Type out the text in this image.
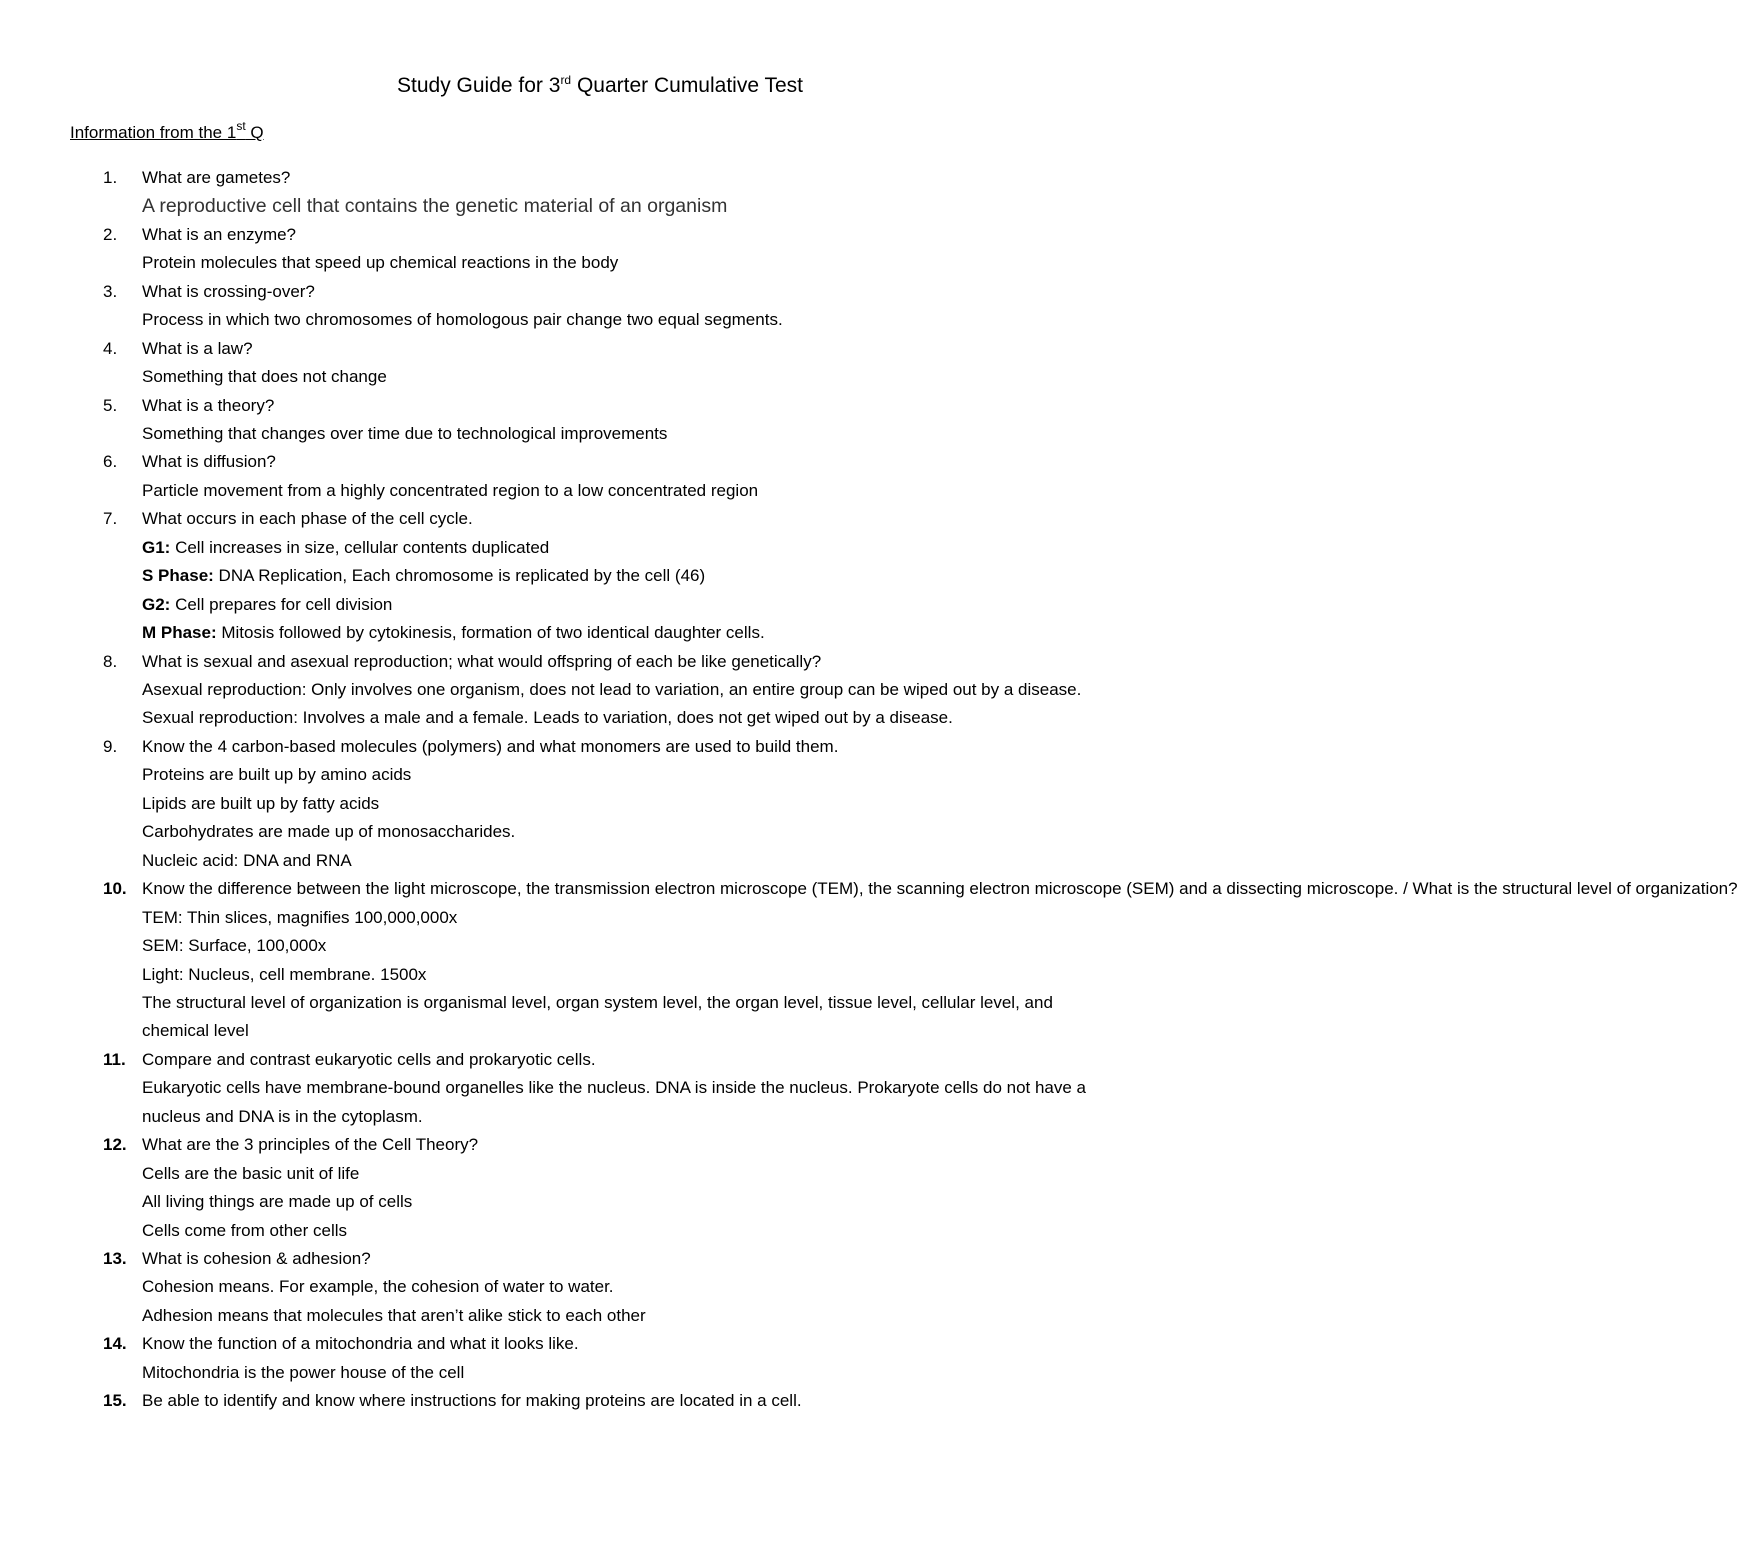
Study Guide for 3rd Quarter Cumulative Test
Information from the 1st Q
1.	What are gametes?
A reproductive cell that contains the genetic material of an organism
2.	What is an enzyme?
Protein molecules that speed up chemical reactions in the body
3.	What is crossing-over?
Process in which two chromosomes of homologous pair change two equal segments.
4.	What is a law?
Something that does not change
5.	What is a theory?
Something that changes over time due to technological improvements
6.	What is diffusion?
Particle movement from a highly concentrated region to a low concentrated region
7.	What occurs in each phase of the cell cycle.
G1: Cell increases in size, cellular contents duplicated
S Phase: DNA Replication, Each chromosome is replicated by the cell (46)
G2: Cell prepares for cell division
M Phase: Mitosis followed by cytokinesis, formation of two identical daughter cells.
8.	What is sexual and asexual reproduction; what would offspring of each be like genetically?
Asexual reproduction: Only involves one organism, does not lead to variation, an entire group can be wiped out by a disease.
Sexual reproduction: Involves a male and a female. Leads to variation, does not get wiped out by a disease.
9.	Know the 4 carbon-based molecules (polymers) and what monomers are used to build them.
Proteins are built up by amino acids
Lipids are built up by fatty acids
Carbohydrates are made up of monosaccharides.
Nucleic acid: DNA and RNA
10. Know the difference between the light microscope, the transmission electron microscope (TEM), the scanning electron microscope (SEM) and a dissecting microscope. / What is the structural level of organization?
TEM: Thin slices, magnifies 100,000,000x
SEM: Surface, 100,000x
Light: Nucleus, cell membrane. 1500x
The structural level of organization is organismal level, organ system level, the organ level, tissue level, cellular level, and chemical level
11. Compare and contrast eukaryotic cells and prokaryotic cells.
Eukaryotic cells have membrane-bound organelles like the nucleus. DNA is inside the nucleus. Prokaryote cells do not have a nucleus and DNA is in the cytoplasm.
12. What are the 3 principles of the Cell Theory?
Cells are the basic unit of life
All living things are made up of cells
Cells come from other cells
13. What is cohesion & adhesion?
Cohesion means. For example, the cohesion of water to water.
Adhesion means that molecules that aren’t alike stick to each other
14. Know the function of a mitochondria and what it looks like.
Mitochondria is the power house of the cell
15. Be able to identify and know where instructions for making proteins are located in a cell.
